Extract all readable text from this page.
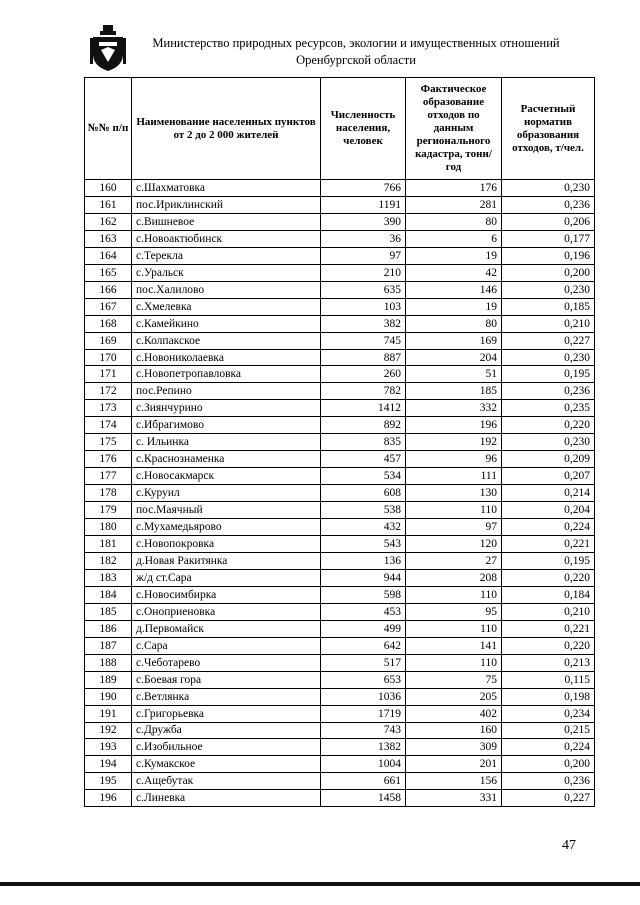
Министерство природных ресурсов, экологии и имущественных отношений
Оренбургской области
№№ п/п	Наименование населенных пунктов от 2 до 2 000 жителей	Численность населения, человек	Фактическое образование отходов по данным регионального кадастра, тонн/год	Расчетный норматив образования отходов, т/чел.
160	с.Шахматовка	766	176	0,230
161	пос.Ириклинский	1191	281	0,236
162	с.Вишневое	390	80	0,206
163	с.Новоактюбинск	36	6	0,177
164	с.Терекла	97	19	0,196
165	с.Уральск	210	42	0,200
166	пос.Халилово	635	146	0,230
167	с.Хмелевка	103	19	0,185
168	с.Камейкино	382	80	0,210
169	с.Колпакское	745	169	0,227
170	с.Новониколаевка	887	204	0,230
171	с.Новопетропавловка	260	51	0,195
172	пос.Репино	782	185	0,236
173	с.Зиянчурино	1412	332	0,235
174	с.Ибрагимово	892	196	0,220
175	с. Ильинка	835	192	0,230
176	с.Краснознаменка	457	96	0,209
177	с.Новосакмарск	534	111	0,207
178	с.Куруил	608	130	0,214
179	пос.Маячный	538	110	0,204
180	с.Мухамедьярово	432	97	0,224
181	с.Новопокровка	543	120	0,221
182	д.Новая Ракитянка	136	27	0,195
183	ж/д ст.Сара	944	208	0,220
184	с.Новосимбирка	598	110	0,184
185	с.Оноприеновка	453	95	0,210
186	д.Первомайск	499	110	0,221
187	с.Сара	642	141	0,220
188	с.Чеботарево	517	110	0,213
189	с.Боевая гора	653	75	0,115
190	с.Ветлянка	1036	205	0,198
191	с.Григорьевка	1719	402	0,234
192	с.Дружба	743	160	0,215
193	с.Изобильное	1382	309	0,224
194	с.Кумакское	1004	201	0,200
195	с.Ащебутак	661	156	0,236
196	с.Линевка	1458	331	0,227
47
